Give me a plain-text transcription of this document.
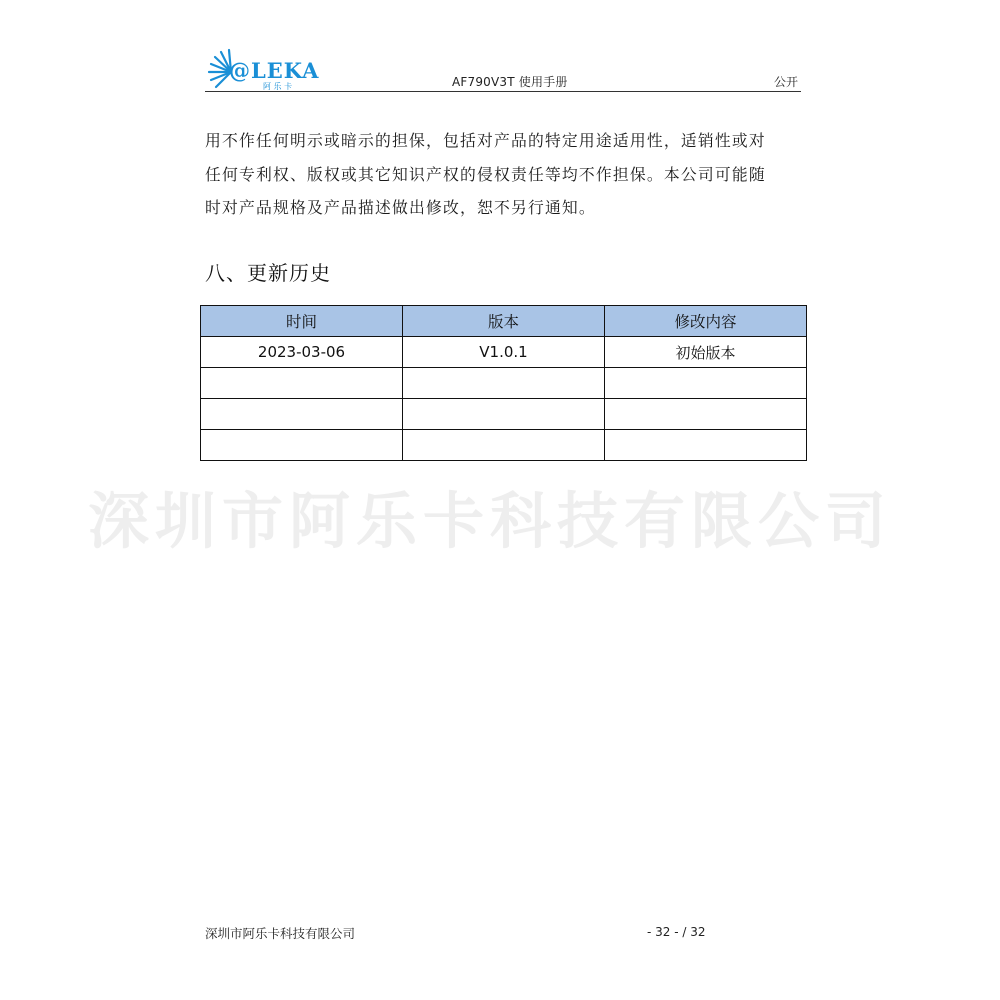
@LEKA
阿 乐 卡	AF790V3T 使用手册	公开

用不作任何明示或暗示的担保，包括对产品的特定用途适用性，适销性或对
任何专利权、版权或其它知识产权的侵权责任等均不作担保。本公司可能随
时对产品规格及产品描述做出修改，恕不另行通知。

八、更新历史
时间	版本	修改内容
2023-03-06	V1.0.1	初始版本

深圳市阿乐卡科技有限公司
深圳市阿乐卡科技有限公司	- 32 - / 32
